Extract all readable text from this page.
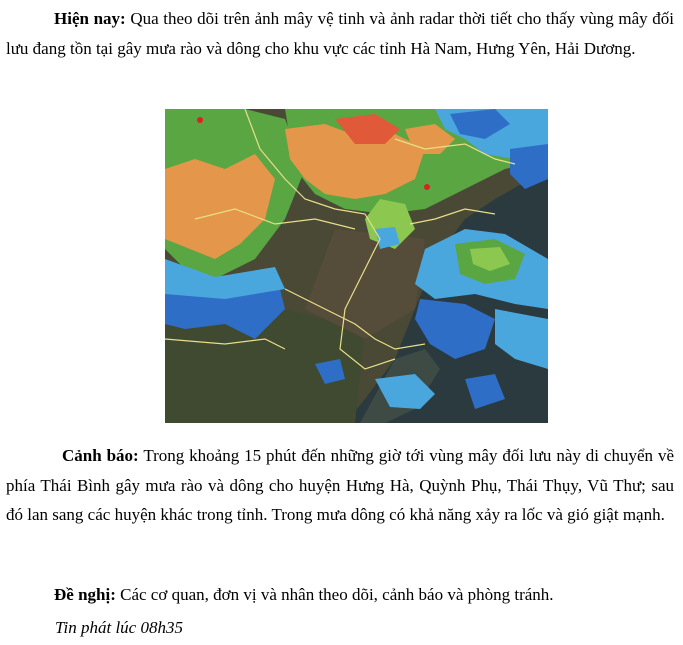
Hiện nay: Qua theo dõi trên ảnh mây vệ tinh và ảnh radar thời tiết cho thấy vùng mây đối lưu đang tồn tại gây mưa rào và dông cho khu vực các tỉnh Hà Nam, Hưng Yên, Hải Dương.

Cảnh báo: Trong khoảng 15 phút đến những giờ tới vùng mây đối lưu này di chuyển về phía Thái Bình gây mưa rào và dông cho huyện Hưng Hà, Quỳnh Phụ, Thái Thụy, Vũ Thư; sau đó lan sang các huyện khác trong tỉnh. Trong mưa dông có khả năng xảy ra lốc và gió giật mạnh.

Đề nghị: Các cơ quan, đơn vị và nhân theo dõi, cảnh báo và phòng tránh.

Tin phát lúc 08h35
